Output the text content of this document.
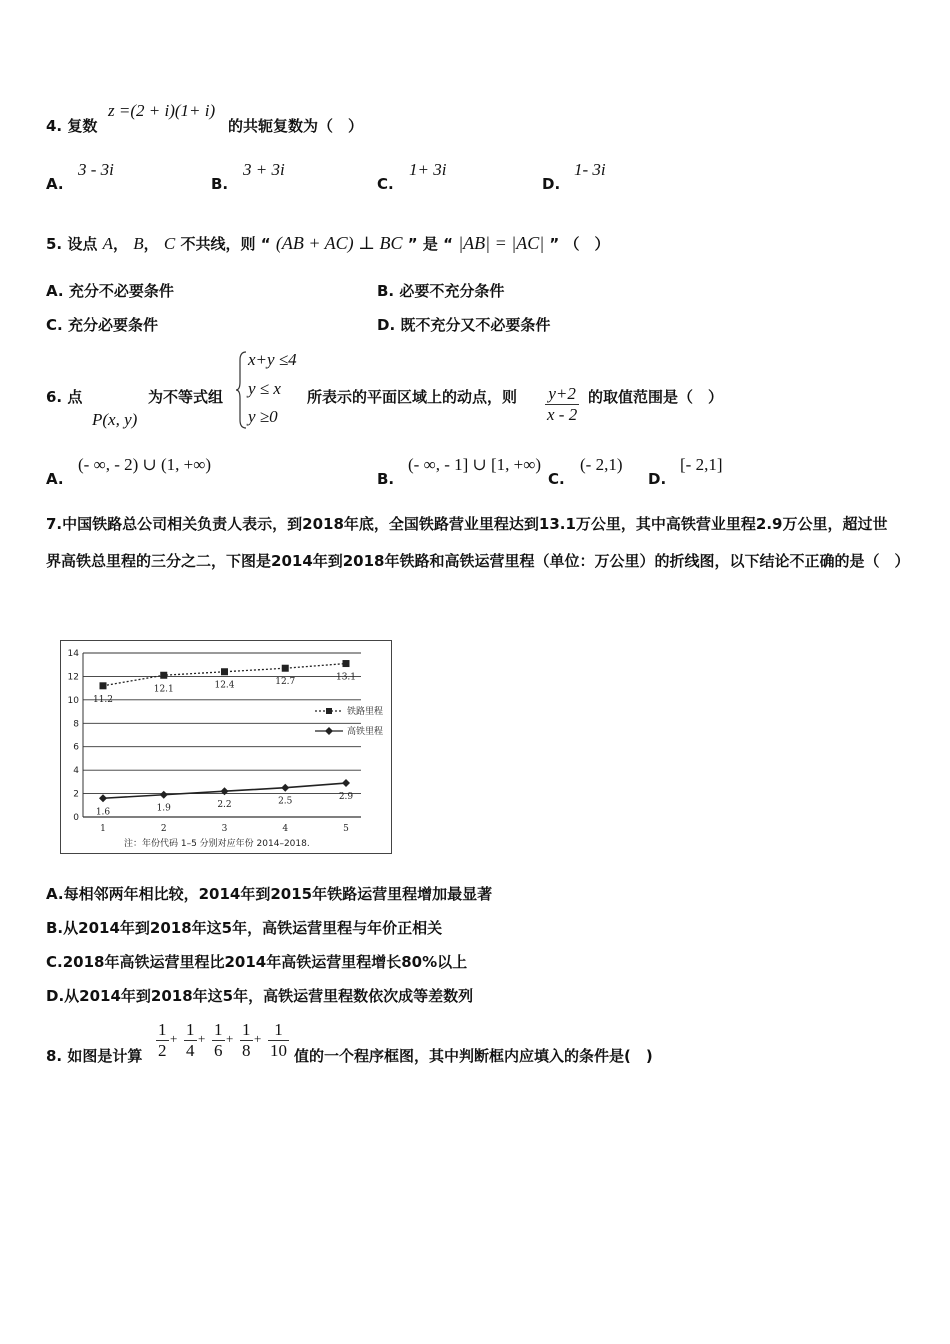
4. 复数
z =(2 + i)(1+ i)
的共轭复数为（　）
A.
3 - 3i
B.
3 + 3i
C.
1+ 3i
D.
1- 3i
5. 设点 A， B， C 不共线，则 “ (AB + AC) ⊥ BC ” 是 “ |AB| = |AC| ” （　）
A. 充分不必要条件	B. 必要不充分条件
C. 充分必要条件	D. 既不充分又不必要条件
6. 点
P(x, y)
为不等式组
x+y ≤4
y ≤ x
y ≥0
所表示的平面区域上的动点，则 $\frac{y+2}{x - 2}$ 的取值范围是（　）
A.
(- ∞, - 2) ∪ (1, +∞)
B.
(- ∞, - 1] ∪ [1, +∞)
C.
(- 2,1)
D.
[- 2,1]
7.中国铁路总公司相关负责人表示，到2018年底，全国铁路营业里程达到13.1万公里，其中高铁营业里程2.9万公里，超过世界高铁总里程的三分之二，下图是2014年到2018年铁路和高铁运营里程（单位：万公里）的折线图，以下结论不正确的是（　）
0
2
4
6
8
10
12
14
1	2	3	4	5
11.2
12.1	12.4	12.7	13.1
1.6	1.9	2.2	2.5	2.9
铁路里程
高铁里程
注：年份代码 1–5 分别对应年份 2014–2018.
A.每相邻两年相比较，2014年到2015年铁路运营里程增加最显著
B.从2014年到2018年这5年，高铁运营里程与年价正相关
C.2018年高铁运营里程比2014年高铁运营里程增长80%以上
D.从2014年到2018年这5年，高铁运营里程数依次成等差数列
8. 如图是计算 $\frac{1}{2} + \frac{1}{4} + \frac{1}{6} + \frac{1}{8} + \frac{1}{10}$ 值的一个程序框图，其中判断框内应填入的条件是(　)
